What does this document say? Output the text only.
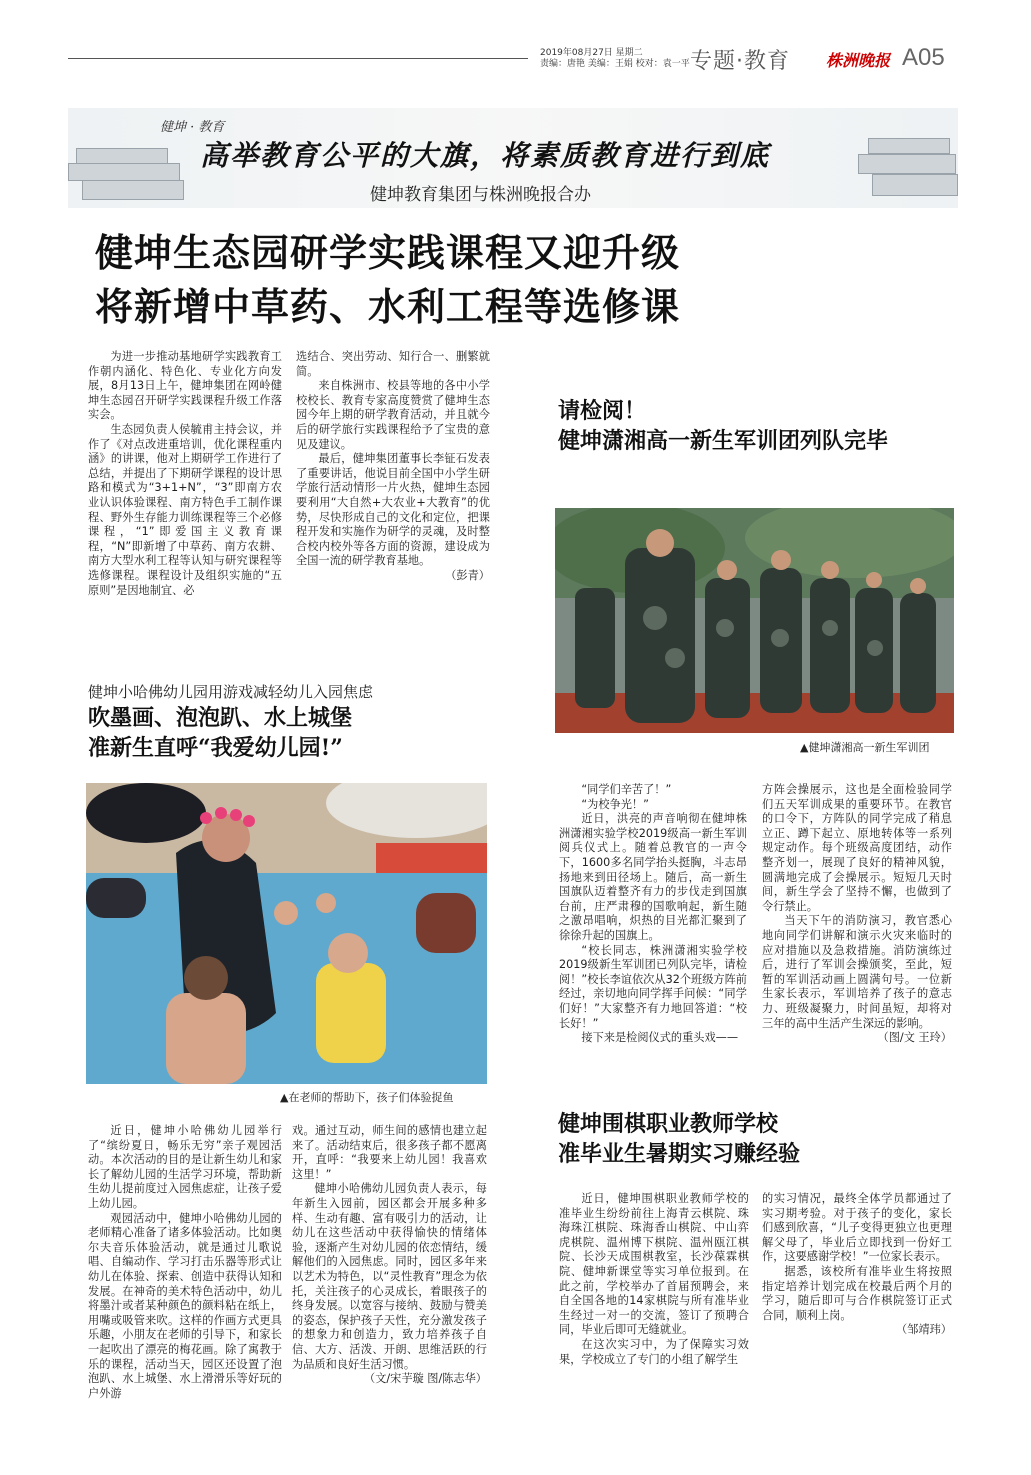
2019年08月27日 星期二
责编：唐艳 美编：王娟 校对：袁一平 专题·教育 株洲晚报 A05
健坤 · 教育
高举教育公平的大旗，将素质教育进行到底
健坤教育集团与株洲晚报合办
健坤生态园研学实践课程又迎升级
将新增中草药、水利工程等选修课

为进一步推动基地研学实践教育工作朝内涵化、特色化、专业化方向发展，8月13日上午，健坤集团在网岭健坤生态园召开研学实践课程升级工作落实会。

生态园负责人侯毓甫主持会议，并作了《对点改进重培训，优化课程重内涵》的讲课，他对上期研学工作进行了总结，并提出了下期研学课程的设计思路和模式为“3+1+N”，“3”即南方农业认识体验课程、南方特色手工制作课程、野外生存能力训练课程等三个必修课程，“1”即爱国主义教育课程，“N”即新增了中草药、南方农耕、南方大型水利工程等认知与研究课程等选修课程。课程设计及组织实施的“五原则”是因地制宜、必

选结合、突出劳动、知行合一、删繁就简。

来自株洲市、校县等地的各中小学校校长、教育专家高度赞赏了健坤生态园今年上期的研学教育活动，并且就今后的研学旅行实践课程给予了宝贵的意见及建议。

最后，健坤集团董事长李钲石发表了重要讲话，他说目前全国中小学生研学旅行活动情形一片火热，健坤生态园要利用“大自然+大农业+大教育”的优势，尽快形成自己的文化和定位，把课程开发和实施作为研学的灵魂，及时整合校内校外等各方面的资源，建设成为全国一流的研学教育基地。

（彭青）
请检阅！
健坤潇湘高一新生军训团列队完毕
▲健坤潇湘高一新生军训团

“同学们辛苦了！”

“为校争光！”

近日，洪亮的声音响彻在健坤株洲潇湘实验学校2019级高一新生军训阅兵仪式上。随着总教官的一声令下，1600多名同学抬头挺胸，斗志昂扬地来到田径场上。随后，高一新生国旗队迈着整齐有力的步伐走到国旗台前，庄严肃穆的国歌响起，新生随之激昂唱响，炽热的目光都汇聚到了徐徐升起的国旗上。

“校长同志，株洲潇湘实验学校2019级新生军训团已列队完毕，请检阅！”校长李谊依次从32个班级方阵前经过，亲切地向同学挥手问候：“同学们好！”大家整齐有力地回答道：“校长好！”

接下来是检阅仪式的重头戏——

方阵会操展示，这也是全面检验同学们五天军训成果的重要环节。在教官的口令下，方阵队的同学完成了稍息立正、蹲下起立、原地转体等一系列规定动作。每个班级高度团结，动作整齐划一，展现了良好的精神风貌，圆满地完成了会操展示。短短几天时间，新生学会了坚持不懈，也做到了令行禁止。

当天下午的消防演习，教官悉心地向同学们讲解和演示火灾来临时的应对措施以及急救措施。消防演练过后，进行了军训会操颁奖，至此，短暂的军训活动画上圆满句号。一位新生家长表示，军训培养了孩子的意志力、班级凝聚力，时间虽短，却将对三年的高中生活产生深远的影响。

（图/文 王玲）
健坤小哈佛幼儿园用游戏减轻幼儿入园焦虑
吹墨画、泡泡趴、水上城堡
准新生直呼“我爱幼儿园!”
▲在老师的帮助下，孩子们体验捉鱼

近日，健坤小哈佛幼儿园举行了“缤纷夏日，畅乐无穷”亲子观园活动。本次活动的目的是让新生幼儿和家长了解幼儿园的生活学习环境，帮助新生幼儿提前度过入园焦虑症，让孩子爱上幼儿园。

观园活动中，健坤小哈佛幼儿园的老师精心准备了诸多体验活动。比如奥尔夫音乐体验活动，就是通过儿歌说唱、自编动作、学习打击乐器等形式让幼儿在体验、探索、创造中获得认知和发展。在神奇的美术特色活动中，幼儿将墨汁或者某种颜色的颜料粘在纸上，用嘴或吸管来吹。这样的作画方式更具乐趣，小朋友在老师的引导下，和家长一起吹出了漂亮的梅花画。除了寓教于乐的课程，活动当天，园区还设置了泡泡趴、水上城堡、水上滑滑乐等好玩的户外游

戏。通过互动，师生间的感情也建立起来了。活动结束后，很多孩子都不愿离开，直呼：“我要来上幼儿园！我喜欢这里！”

健坤小哈佛幼儿园负责人表示，每年新生入园前，园区都会开展多种多样、生动有趣、富有吸引力的活动，让幼儿在这些活动中获得愉快的情绪体验，逐渐产生对幼儿园的依恋情结，缓解他们的入园焦虑。同时，园区多年来以艺术为特色，以“灵性教育”理念为依托，关注孩子的心灵成长，着眼孩子的终身发展。以宽容与接纳、鼓励与赞美的姿态，保护孩子天性，充分激发孩子的想象力和创造力，致力培养孩子自信、大方、活泼、开朗、思维活跃的行为品质和良好生活习惯。

（文/宋芋璇 图/陈志华）
健坤围棋职业教师学校
准毕业生暑期实习赚经验

近日，健坤围棋职业教师学校的准毕业生纷纷前往上海青云棋院、珠海珠江棋院、珠海香山棋院、中山弈虎棋院、温州博下棋院、温州瓯江棋院、长沙天成围棋教室，长沙葆霖棋院、健坤新课堂等实习单位报到。在此之前，学校举办了首届预聘会，来自全国各地的14家棋院与所有准毕业生经过一对一的交流，签订了预聘合同，毕业后即可无缝就业。

在这次实习中，为了保障实习效果，学校成立了专门的小组了解学生

的实习情况，最终全体学员都通过了实习期考验。对于孩子的变化，家长们感到欣喜，“儿子变得更独立也更理解父母了，毕业后立即找到一份好工作，这要感谢学校！”一位家长表示。

据悉，该校所有准毕业生将按照指定培养计划完成在校最后两个月的学习，随后即可与合作棋院签订正式合同，顺利上岗。

（邹靖玮）
